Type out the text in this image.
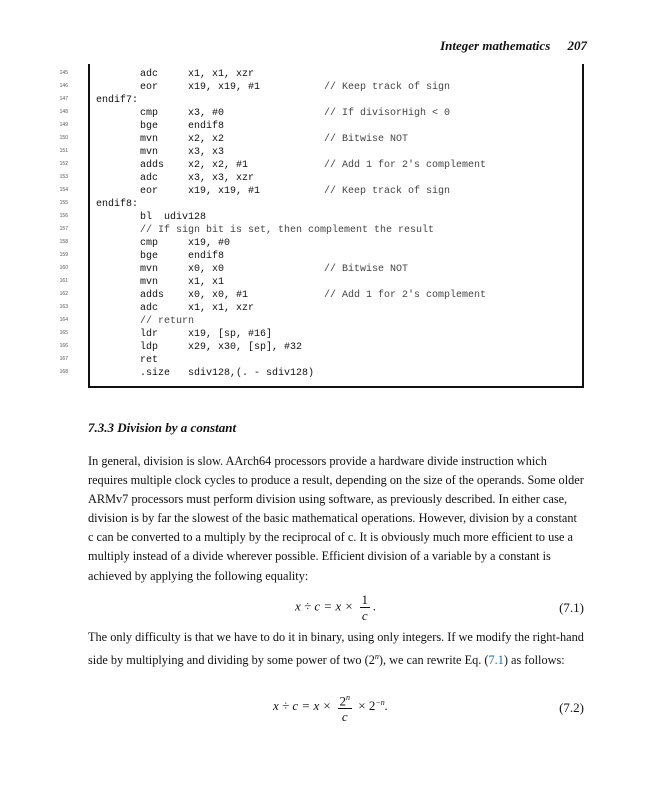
Integer mathematics 207
145	adc	x1, x1, xzr
146	eor	x19, x19, #1	// Keep track of sign
147	endif7:
148	cmp	x3, #0	// If divisorHigh < 0
149	bge	endif8
150	mvn	x2, x2	// Bitwise NOT
151	mvn	x3, x3
152	adds x2, x2, #1	// Add 1 for 2's complement
153	adc	x3, x3, xzr
154	eor	x19, x19, #1	// Keep track of sign
155	endif8:
156	bl  udiv128
157	// If sign bit is set, then complement the result
158	cmp	x19, #0
159	bge	endif8
160	mvn	x0, x0	// Bitwise NOT
161	mvn	x1, x1
162	adds x0, x0, #1	// Add 1 for 2's complement
163	adc	x1, x1, xzr
164	// return
165	ldr	x19, [sp, #16]
166	ldp	x29, x30, [sp], #32
167	ret
168	.size sdiv128,(. - sdiv128)
7.3.3 Division by a constant

In general, division is slow. AArch64 processors provide a hardware divide instruction which requires multiple clock cycles to produce a result, depending on the size of the operands. Some older ARMv7 processors must perform division using software, as previously described. In either case, division is by far the slowest of the basic mathematical operations. However, division by a constant c can be converted to a multiply by the reciprocal of c. It is obviously much more efficient to use a multiply instead of a divide wherever possible. Efficient division of a variable by a constant is achieved by applying the following equality:

$x \div c = x \times \frac{1}{c}$ .	(7.1)

The only difficulty is that we have to do it in binary, using only integers. If we modify the right-hand side by multiplying and dividing by some power of two (2$^n$), we can rewrite Eq. (7.1) as follows:

$x \div c = x \times \frac{2^n}{c} \times 2^{-n}$.	(7.2)
